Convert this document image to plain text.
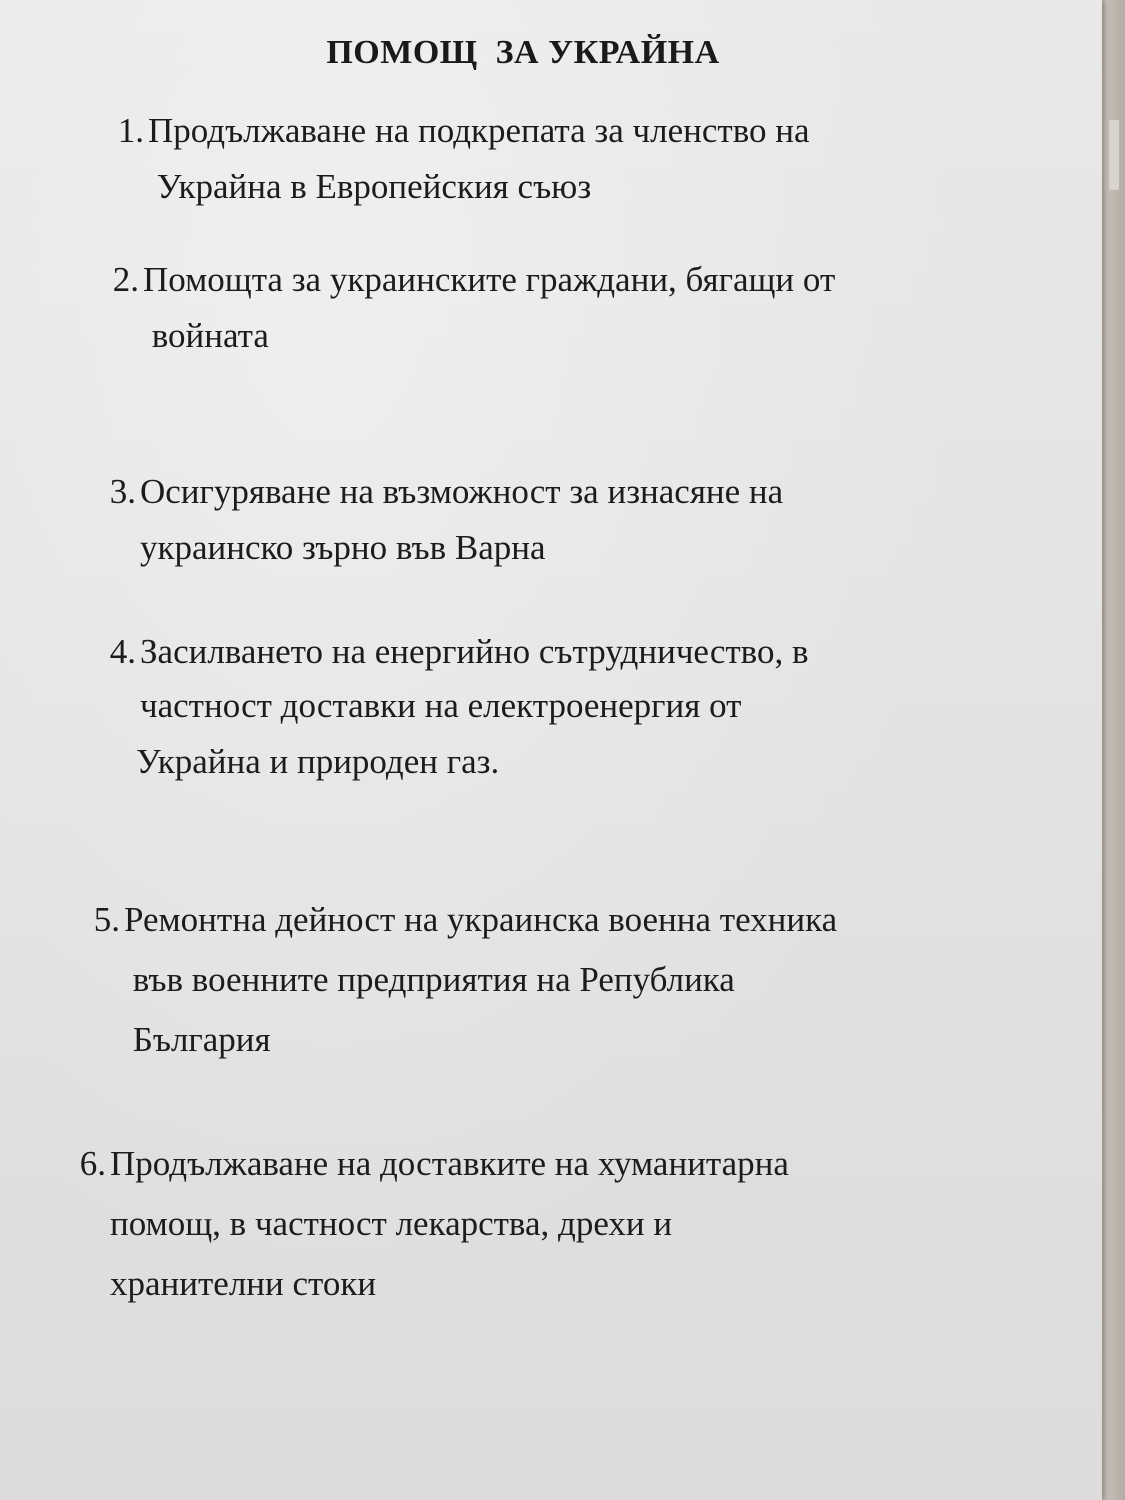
ПОМОЩ  ЗА УКРАЙНА
1. Продължаване на подкрепата за членство на
Украйна в Европейския съюз
2. Помощта за украинските граждани, бягащи от
войната
3. Осигуряване на възможност за изнасяне на
украинско зърно във Варна
4. Засилването на енергийно сътрудничество, в
частност доставки на електроенергия от
Украйна и природен газ.
5. Ремонтна дейност на украинска военна техника
във военните предприятия на Република
България
6. Продължаване на доставките на хуманитарна
помощ, в частност лекарства, дрехи и
хранителни стоки
